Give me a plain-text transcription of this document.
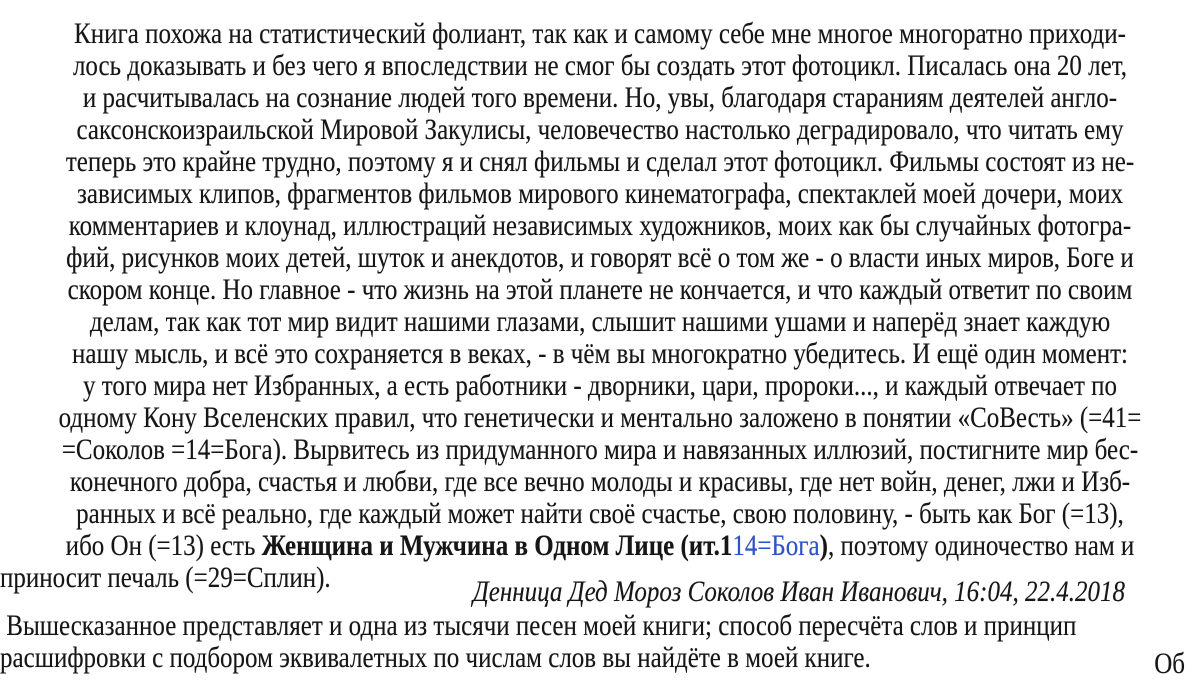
Книга похожа на статистический фолиант, так как и самому себе мне многое многоратно приходи-
лось доказывать и без чего я впоследствии не смог бы создать этот фотоцикл. Писалась она 20 лет,
и расчитывалась на сознание людей того времени. Но, увы, благодаря стараниям деятелей англо-
саксонскоизраильской Мировой Закулисы, человечество настолько деградировало, что читать ему
теперь это крайне трудно, поэтому я и снял фильмы и сделал этот фотоцикл. Фильмы состоят из не-
зависимых клипов, фрагментов фильмов мирового кинематографа, спектаклей моей дочери, моих
комментариев и клоунад, иллюстраций независимых художников, моих как бы случайных фотогра-
фий, рисунков моих детей, шуток и анекдотов, и говорят всё о том же - о власти иных миров, Боге и
скором конце. Но главное - что жизнь на этой планете не кончается, и что каждый ответит по своим
делам, так как тот мир видит нашими глазами, слышит нашими ушами и наперёд знает каждую
нашу мысль, и всё это сохраняется в веках, - в чём вы многократно убедитесь. И ещё один момент:
у того мира нет Избранных, а есть работники - дворники, цари, пророки..., и каждый отвечает по
одному Кону Вселенских правил, что генетически и ментально заложено в понятии «СоВесть» (=41=
=Соколов =14=Бога). Вырвитесь из придуманного мира и навязанных иллюзий, постигните мир бес-
конечного добра, счастья и любви, где все вечно молоды и красивы, где нет войн, денег, лжи и Изб-
ранных и всё реально, где каждый может найти своё счастье, свою половину, - быть как Бог (=13),
ибо Он (=13) есть Женщина и Мужчина в Одном Лице (ит.114=Бога), поэтому одиночество нам и
приносит печаль (=29=Сплин).	Денница Дед Мороз Соколов Иван Иванович, 16:04, 22.4.2018
Вышесказанное представляет и одна из тысячи песен моей книги; способ пересчёта слов и принцип
расшифровки с подбором эквивалетных по числам слов вы найдёте в моей книге.	Об
